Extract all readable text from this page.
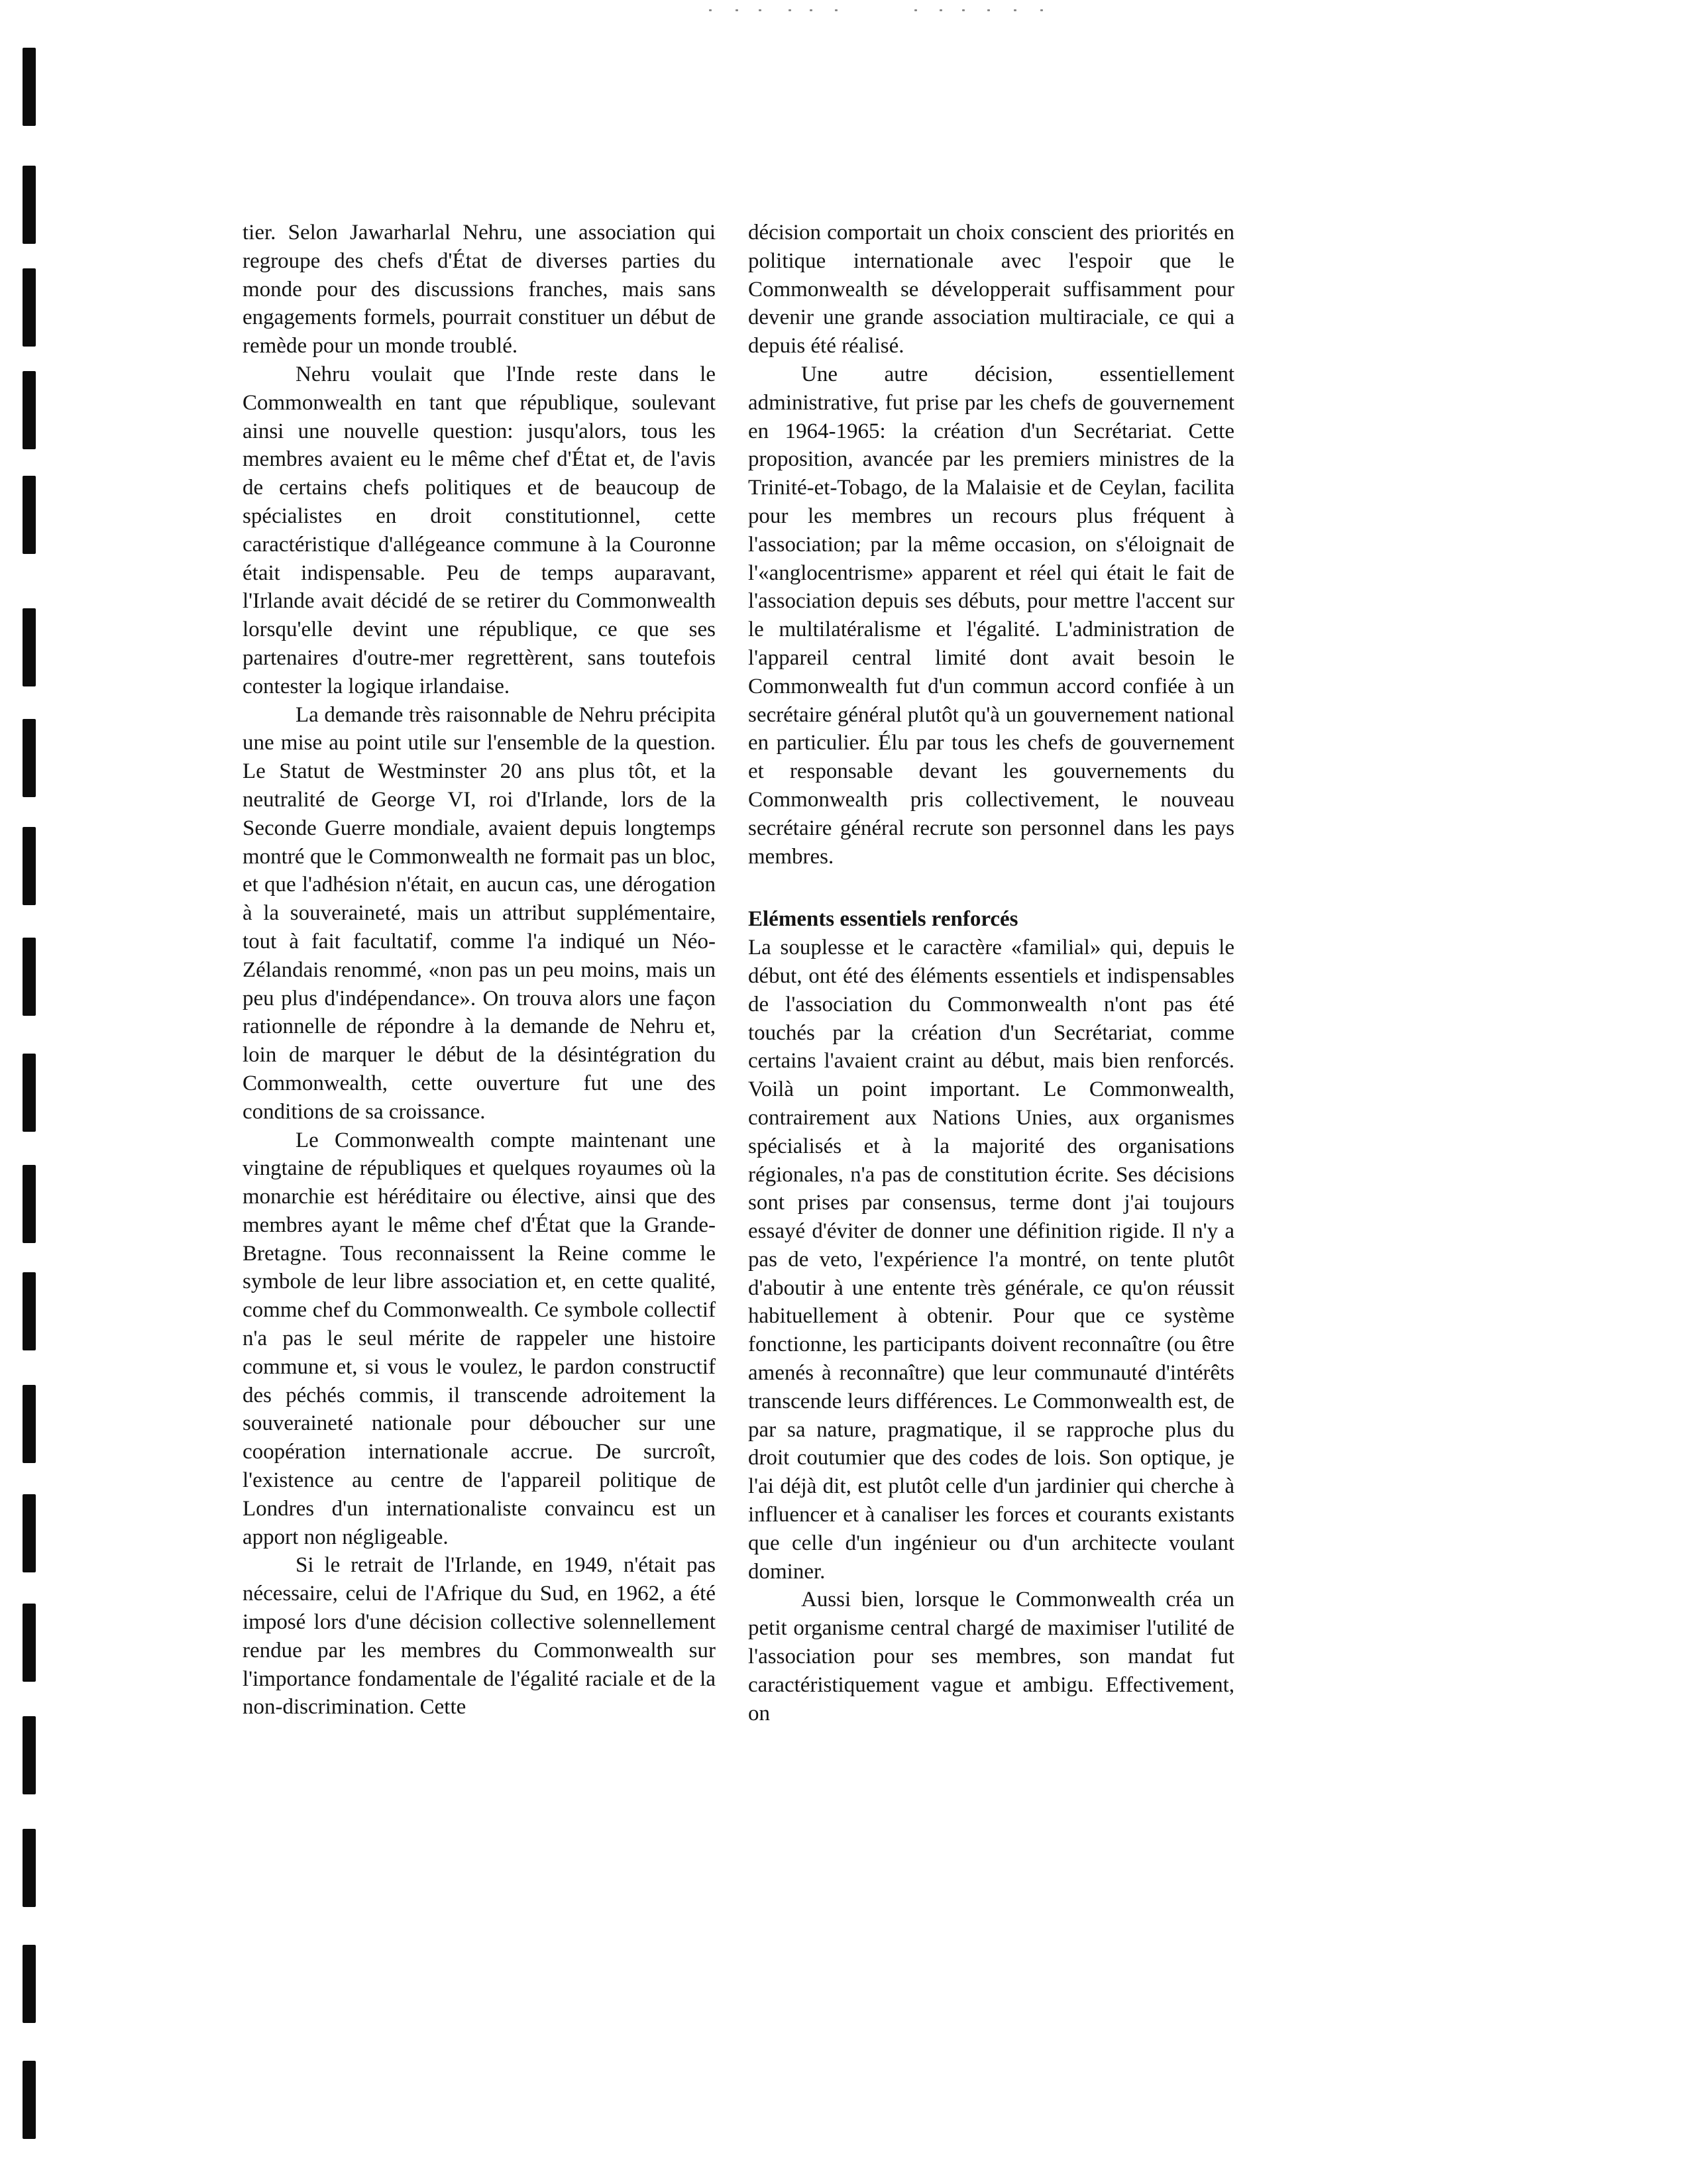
tier. Selon Jawarharlal Nehru, une association qui regroupe des chefs d'État de diverses parties du monde pour des discussions franches, mais sans engagements formels, pourrait constituer un début de remède pour un monde troublé.

Nehru voulait que l'Inde reste dans le Commonwealth en tant que république, soulevant ainsi une nouvelle question: jusqu'alors, tous les membres avaient eu le même chef d'État et, de l'avis de certains chefs politiques et de beaucoup de spécialistes en droit constitutionnel, cette caractéristique d'allégeance commune à la Couronne était indispensable. Peu de temps auparavant, l'Irlande avait décidé de se retirer du Commonwealth lorsqu'elle devint une république, ce que ses partenaires d'outre-mer regrettèrent, sans toutefois contester la logique irlandaise.

La demande très raisonnable de Nehru précipita une mise au point utile sur l'ensemble de la question. Le Statut de Westminster 20 ans plus tôt, et la neutralité de George VI, roi d'Irlande, lors de la Seconde Guerre mondiale, avaient depuis longtemps montré que le Commonwealth ne formait pas un bloc, et que l'adhésion n'était, en aucun cas, une dérogation à la souveraineté, mais un attribut supplémentaire, tout à fait facultatif, comme l'a indiqué un Néo-Zélandais renommé, «non pas un peu moins, mais un peu plus d'indépendance». On trouva alors une façon rationnelle de répondre à la demande de Nehru et, loin de marquer le début de la désintégration du Commonwealth, cette ouverture fut une des conditions de sa croissance.

Le Commonwealth compte maintenant une vingtaine de républiques et quelques royaumes où la monarchie est héréditaire ou élective, ainsi que des membres ayant le même chef d'État que la Grande-Bretagne. Tous reconnaissent la Reine comme le symbole de leur libre association et, en cette qualité, comme chef du Commonwealth. Ce symbole collectif n'a pas le seul mérite de rappeler une histoire commune et, si vous le voulez, le pardon constructif des péchés commis, il transcende adroitement la souveraineté nationale pour déboucher sur une coopération internationale accrue. De surcroît, l'existence au centre de l'appareil politique de Londres d'un internationaliste convaincu est un apport non négligeable.

Si le retrait de l'Irlande, en 1949, n'était pas nécessaire, celui de l'Afrique du Sud, en 1962, a été imposé lors d'une décision collective solennellement rendue par les membres du Commonwealth sur l'importance fondamentale de l'égalité raciale et de la non-discrimination. Cette

décision comportait un choix conscient des priorités en politique internationale avec l'espoir que le Commonwealth se développerait suffisamment pour devenir une grande association multiraciale, ce qui a depuis été réalisé.

Une autre décision, essentiellement administrative, fut prise par les chefs de gouvernement en 1964-1965: la création d'un Secrétariat. Cette proposition, avancée par les premiers ministres de la Trinité-et-Tobago, de la Malaisie et de Ceylan, facilita pour les membres un recours plus fréquent à l'association; par la même occasion, on s'éloignait de l'«anglocentrisme» apparent et réel qui était le fait de l'association depuis ses débuts, pour mettre l'accent sur le multilatéralisme et l'égalité. L'administration de l'appareil central limité dont avait besoin le Commonwealth fut d'un commun accord confiée à un secrétaire général plutôt qu'à un gouvernement national en particulier. Élu par tous les chefs de gouvernement et responsable devant les gouvernements du Commonwealth pris collectivement, le nouveau secrétaire général recrute son personnel dans les pays membres.

Eléments essentiels renforcés

La souplesse et le caractère «familial» qui, depuis le début, ont été des éléments essentiels et indispensables de l'association du Commonwealth n'ont pas été touchés par la création d'un Secrétariat, comme certains l'avaient craint au début, mais bien renforcés. Voilà un point important. Le Commonwealth, contrairement aux Nations Unies, aux organismes spécialisés et à la majorité des organisations régionales, n'a pas de constitution écrite. Ses décisions sont prises par consensus, terme dont j'ai toujours essayé d'éviter de donner une définition rigide. Il n'y a pas de veto, l'expérience l'a montré, on tente plutôt d'aboutir à une entente très générale, ce qu'on réussit habituellement à obtenir. Pour que ce système fonctionne, les participants doivent reconnaître (ou être amenés à reconnaître) que leur communauté d'intérêts transcende leurs différences. Le Commonwealth est, de par sa nature, pragmatique, il se rapproche plus du droit coutumier que des codes de lois. Son optique, je l'ai déjà dit, est plutôt celle d'un jardinier qui cherche à influencer et à canaliser les forces et courants existants que celle d'un ingénieur ou d'un architecte voulant dominer.

Aussi bien, lorsque le Commonwealth créa un petit organisme central chargé de maximiser l'utilité de l'association pour ses membres, son mandat fut caractéristiquement vague et ambigu. Effectivement, on
